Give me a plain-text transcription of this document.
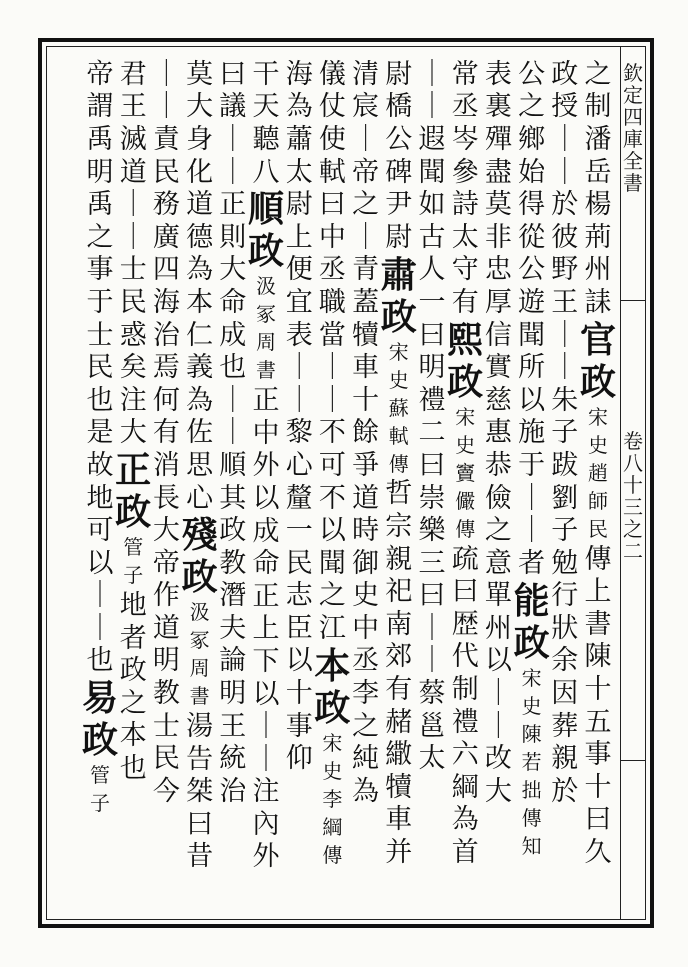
欽
定
四
庫
全
書
卷
八
十
三
之
二
之
制
潘
岳
楊
荊
州
誄
官
政
宋
史
趙
師
民
傳
上
書
陳
十
五
事
十
曰
久
政
授
｜
｜
於
彼
野
王
｜
｜
朱
子
跋
劉
子
勉
行
狀
余
因
葬
親
於
公
之
鄉
始
得
從
公
遊
聞
所
以
施
于
｜
｜
者
能
政
宋
史
陳
若
拙
傳
知
表
裏
殫
盡
莫
非
忠
厚
信
實
慈
惠
恭
儉
之
意
單
州
以
｜
｜
改
大
常
丞
岑
參
詩
太
守
有
熙
政
宋
史
竇
儼
傳
疏
曰
歴
代
制
禮
六
綱
為
首
｜
｜
遐
聞
如
古
人
一
曰
明
禮
二
曰
崇
樂
三
曰
｜
｜
蔡
邕
太
尉
橋
公
碑
尹
尉
肅
政
宋
史
蘇
軾
傳
哲
宗
親
祀
南
郊
有
赭
繖
犢
車
并
清
宸
｜
帝
之
｜
青
蓋
犢
車
十
餘
爭
道
時
御
史
中
丞
李
之
純
為
儀
仗
使
軾
曰
中
丞
職
當
｜
｜
不
可
不
以
聞
之
江
本
政
宋
史
李
綱
傳
海
為
蕭
太
尉
上
便
宜
表
｜
｜
黎
心
釐
一
民
志
臣
以
十
事
仰
干
天
聽
八
順
政
汲
冢
周
書
正
中
外
以
成
命
正
上
下
以
｜
｜
注
內
外
曰
議
｜
｜
正
則
大
命
成
也
｜
｜
順
其
政
教
潛
夫
論
明
王
統
治
莫
大
身
化
道
德
為
本
仁
義
為
佐
思
心
殘
政
汲
冢
周
書
湯
告
桀
曰
昔
｜
｜
責
民
務
廣
四
海
治
焉
何
有
消
長
大
帝
作
道
明
教
士
民
今
君
王
滅
道
｜
｜
士
民
惑
矣
注
大
正
政
管
子
地
者
政
之
本
也
帝
謂
禹
明
禹
之
事
于
士
民
也
是
故
地
可
以
｜
｜
也
易
政
管
子
